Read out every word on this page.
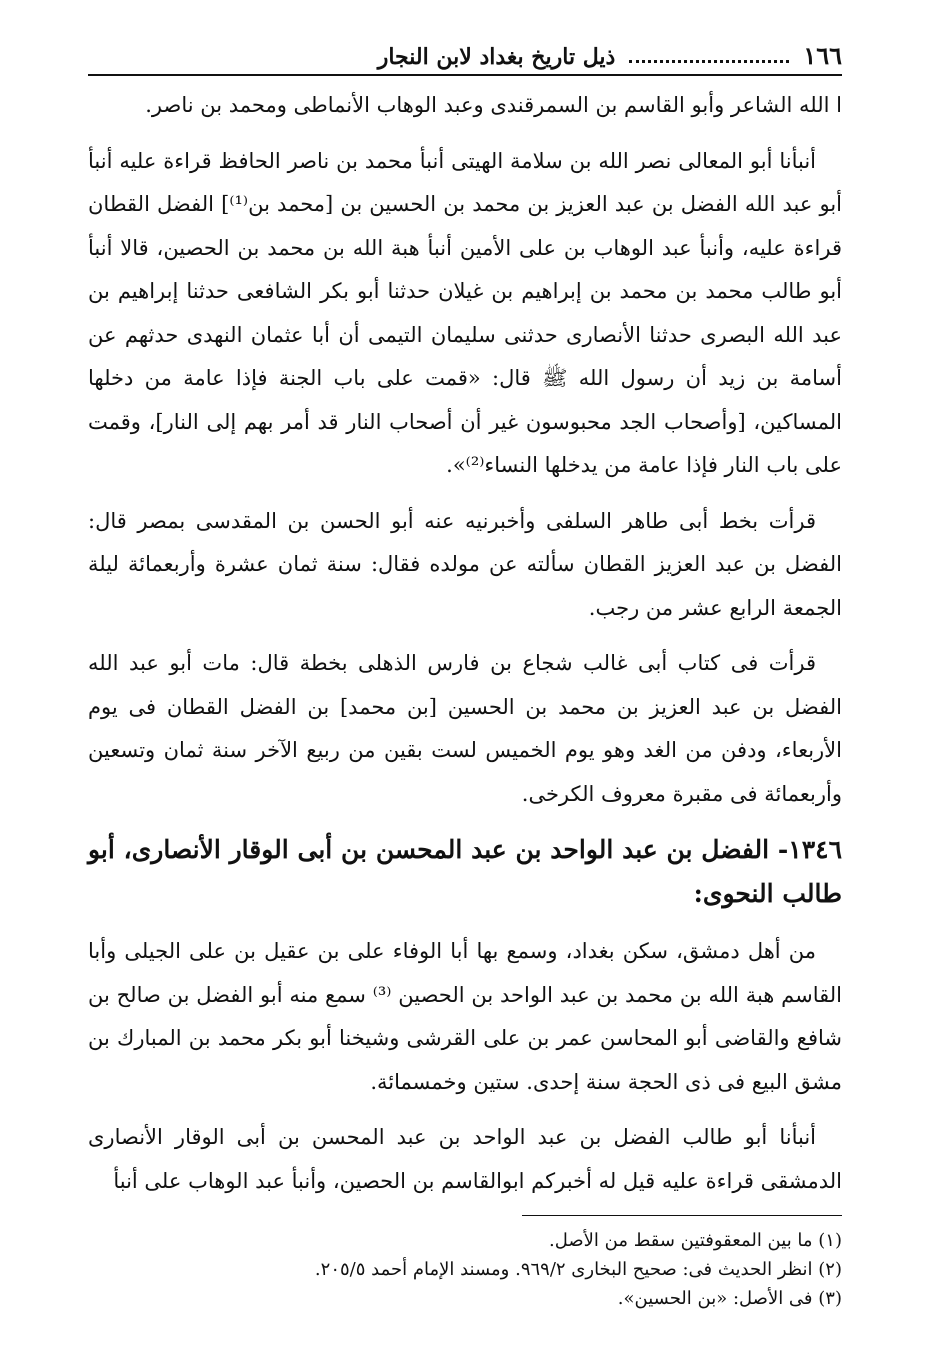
١٦٦
ذيل تاريخ بغداد لابن النجار

ا الله الشاعر وأبو القاسم بن السمرقندى وعبد الوهاب الأنماطى ومحمد بن ناصر.

أنبأنا أبو المعالى نصر الله بن سلامة الهيتى أنبأ محمد بن ناصر الحافظ قراءة عليه أنبأ أبو عبد الله الفضل بن عبد العزيز بن محمد بن الحسين بن [محمد بن⁽¹⁾] الفضل القطان قراءة عليه، وأنبأ عبد الوهاب بن على الأمين أنبأ هبة الله بن محمد بن الحصين، قالا أنبأ أبو طالب محمد بن محمد بن إبراهيم بن غيلان حدثنا أبو بكر الشافعى حدثنا إبراهيم بن عبد الله البصرى حدثنا الأنصارى حدثنى سليمان التيمى أن أبا عثمان النهدى حدثهم عن أسامة بن زيد أن رسول الله ﷺ قال: «قمت على باب الجنة فإذا عامة من دخلها المساكين، [وأصحاب الجد محبوسون غير أن أصحاب النار قد أمر بهم إلى النار]، وقمت على باب النار فإذا عامة من يدخلها النساء⁽²⁾».

قرأت بخط أبى طاهر السلفى وأخبرنيه عنه أبو الحسن بن المقدسى بمصر قال: الفضل بن عبد العزيز القطان سألته عن مولده فقال: سنة ثمان عشرة وأربعمائة ليلة الجمعة الرابع عشر من رجب.

قرأت فى كتاب أبى غالب شجاع بن فارس الذهلى بخطة قال: مات أبو عبد الله الفضل بن عبد العزيز بن محمد بن الحسين [بن محمد] بن الفضل القطان فى يوم الأربعاء، ودفن من الغد وهو يوم الخميس لست بقين من ربيع الآخر سنة ثمان وتسعين وأربعمائة فى مقبرة معروف الكرخى.

١٣٤٦- الفضل بن عبد الواحد بن عبد المحسن بن أبى الوقار الأنصارى، أبو طالب النحوى:

من أهل دمشق، سكن بغداد، وسمع بها أبا الوفاء على بن عقيل بن على الجيلى وأبا القاسم هبة الله بن محمد بن عبد الواحد بن الحصين ⁽³⁾ سمع منه أبو الفضل بن صالح بن شافع والقاضى أبو المحاسن عمر بن على القرشى وشيخنا أبو بكر محمد بن المبارك بن مشق البيع فى ذى الحجة سنة إحدى. ستين وخمسمائة.

أنبأنا أبو طالب الفضل بن عبد الواحد بن عبد المحسن بن أبى الوقار الأنصارى الدمشقى قراءة عليه قيل له أخبركم ابوالقاسم بن الحصين، وأنبأ عبد الوهاب على أنبأ

(١) ما بين المعقوفتين سقط من الأصل.
(٢) انظر الحديث فى: صحيح البخارى ٩٦٩/٢. ومسند الإمام أحمد ٢٠٥/٥.
(٣) فى الأصل: «بن الحسين».
